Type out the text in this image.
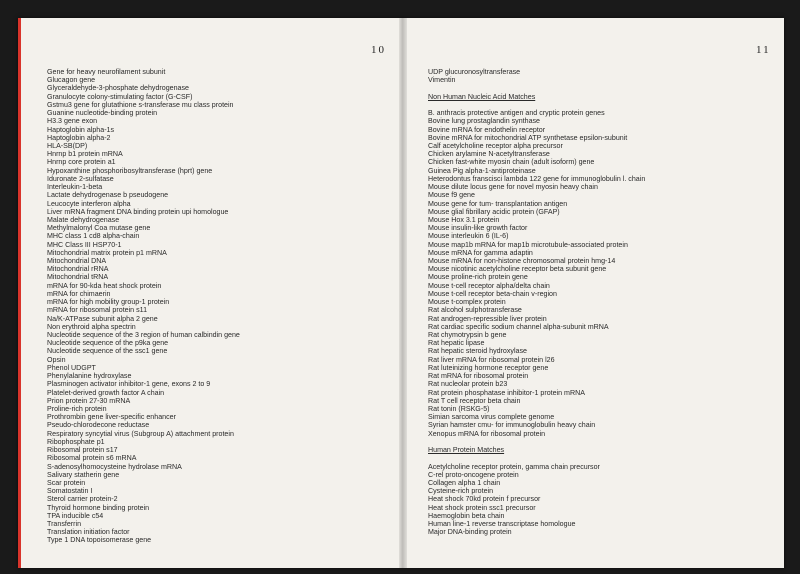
10	11
Gene for heavy neurofilament subunit
Glucagon gene
Glyceraldehyde-3-phosphate dehydrogenase
Granulocyte colony-stimulating factor (G-CSF)
Gstmu3 gene for glutathione s-transferase mu class protein
Guanine nucleotide-binding protein
H3.3 gene exon
Haptoglobin alpha-1s
Haptoglobin alpha-2
HLA-SB(DP)
Hnrnp b1 protein mRNA
Hnrnp core protein a1
Hypoxanthine phosphoribosyltransferase (hprt) gene
Iduronate 2-sulfatase
Interleukin-1-beta
Lactate dehydrogenase b pseudogene
Leucocyte interferon alpha
Liver mRNA fragment DNA binding protein upi homologue
Malate dehydrogenase
Methylmalonyl Coa mutase gene
MHC class 1 cd8 alpha-chain
MHC Class III HSP70-1
Mitochondrial matrix protein p1 mRNA
Mitochondrial DNA
Mitochondrial rRNA
Mitochondrial tRNA
mRNA for 90-kda heat shock protein
mRNA for chimaerin
mRNA for high mobility group-1 protein
mRNA for ribosomal protein s11
Na/K-ATPase subunit alpha 2 gene
Non erythroid alpha spectrin
Nucleotide sequence of the 3 region of human calbindin gene
Nucleotide sequence of the p9ka gene
Nucleotide sequence of the ssc1 gene
Opsin
Phenol UDGPT
Phenylalanine hydroxylase
Plasminogen activator inhibitor-1 gene, exons 2 to 9
Platelet-derived growth factor A chain
Prion protein 27-30 mRNA
Proline-rich protein
Prothrombin gene liver-specific enhancer
Pseudo-chlorodecone reductase
Respiratory syncytial virus (Subgroup A) attachment protein
Ribophosphate p1
Ribosomal protein s17
Ribosomal protein s6 mRNA
S-adenosylhomocysteine hydrolase mRNA
Salivary statherin gene
Scar protein
Somatostatin I
Sterol carrier protein-2
Thyroid hormone binding protein
TPA inducible c54
Transferrin
Translation initiation factor
Type 1 DNA topoisomerase gene
UDP glucuronosyltransferase
Vimentin
Non Human Nucleic Acid Matches
B. anthracis protective antigen and cryptic protein genes
Bovine lung prostaglandin synthase
Bovine mRNA for endothelin receptor
Bovine mRNA for mitochondrial ATP synthetase epsilon-subunit
Calf acetylcholine receptor alpha precursor
Chicken arylamine N-acetyltransferase
Chicken fast-white myosin chain (adult isoform) gene
Guinea Pig alpha-1-antiproteinase
Heterodontus franscisci lambda 122 gene for immunoglobulin l. chain
Mouse dilute locus gene for novel myosin heavy chain
Mouse f9 gene
Mouse gene for tum- transplantation antigen
Mouse glial fibrillary acidic protein (GFAP)
Mouse Hox 3.1 protein
Mouse insulin-like growth factor
Mouse interleukin 6 (IL-6)
Mouse map1b mRNA for map1b microtubule-associated protein
Mouse mRNA for gamma adaptin
Mouse mRNA for non-histone chromosomal protein hmg-14
Mouse nicotinic acetylcholine receptor beta subunit gene
Mouse proline-rich protein gene
Mouse t-cell receptor alpha/delta chain
Mouse t-cell receptor beta-chain v-region
Mouse t-complex protein
Rat alcohol sulphotransferase
Rat androgen-repressible liver protein
Rat cardiac specific sodium channel alpha-subunit mRNA
Rat chymotrypsin b gene
Rat hepatic lipase
Rat hepatic steroid hydroxylase
Rat liver mRNA for ribosomal protein l26
Rat luteinizing hormone receptor gene
Rat mRNA for ribosomal protein
Rat nucleolar protein b23
Rat protein phosphatase inhibitor-1 protein mRNA
Rat T cell receptor beta chain
Rat tonin (RSKG-5)
Simian sarcoma virus complete genome
Syrian hamster cmu- for immunoglobulin heavy chain
Xenopus mRNA for ribosomal protein
Human Protein Matches
Acetylcholine receptor protein, gamma chain precursor
C-rel proto-oncogene protein
Collagen alpha 1 chain
Cysteine-rich protein
Heat shock 70kd protein f precursor
Heat shock protein ssc1 precursor
Haemoglobin beta chain
Human line-1 reverse transcriptase homologue
Major DNA-binding protein
